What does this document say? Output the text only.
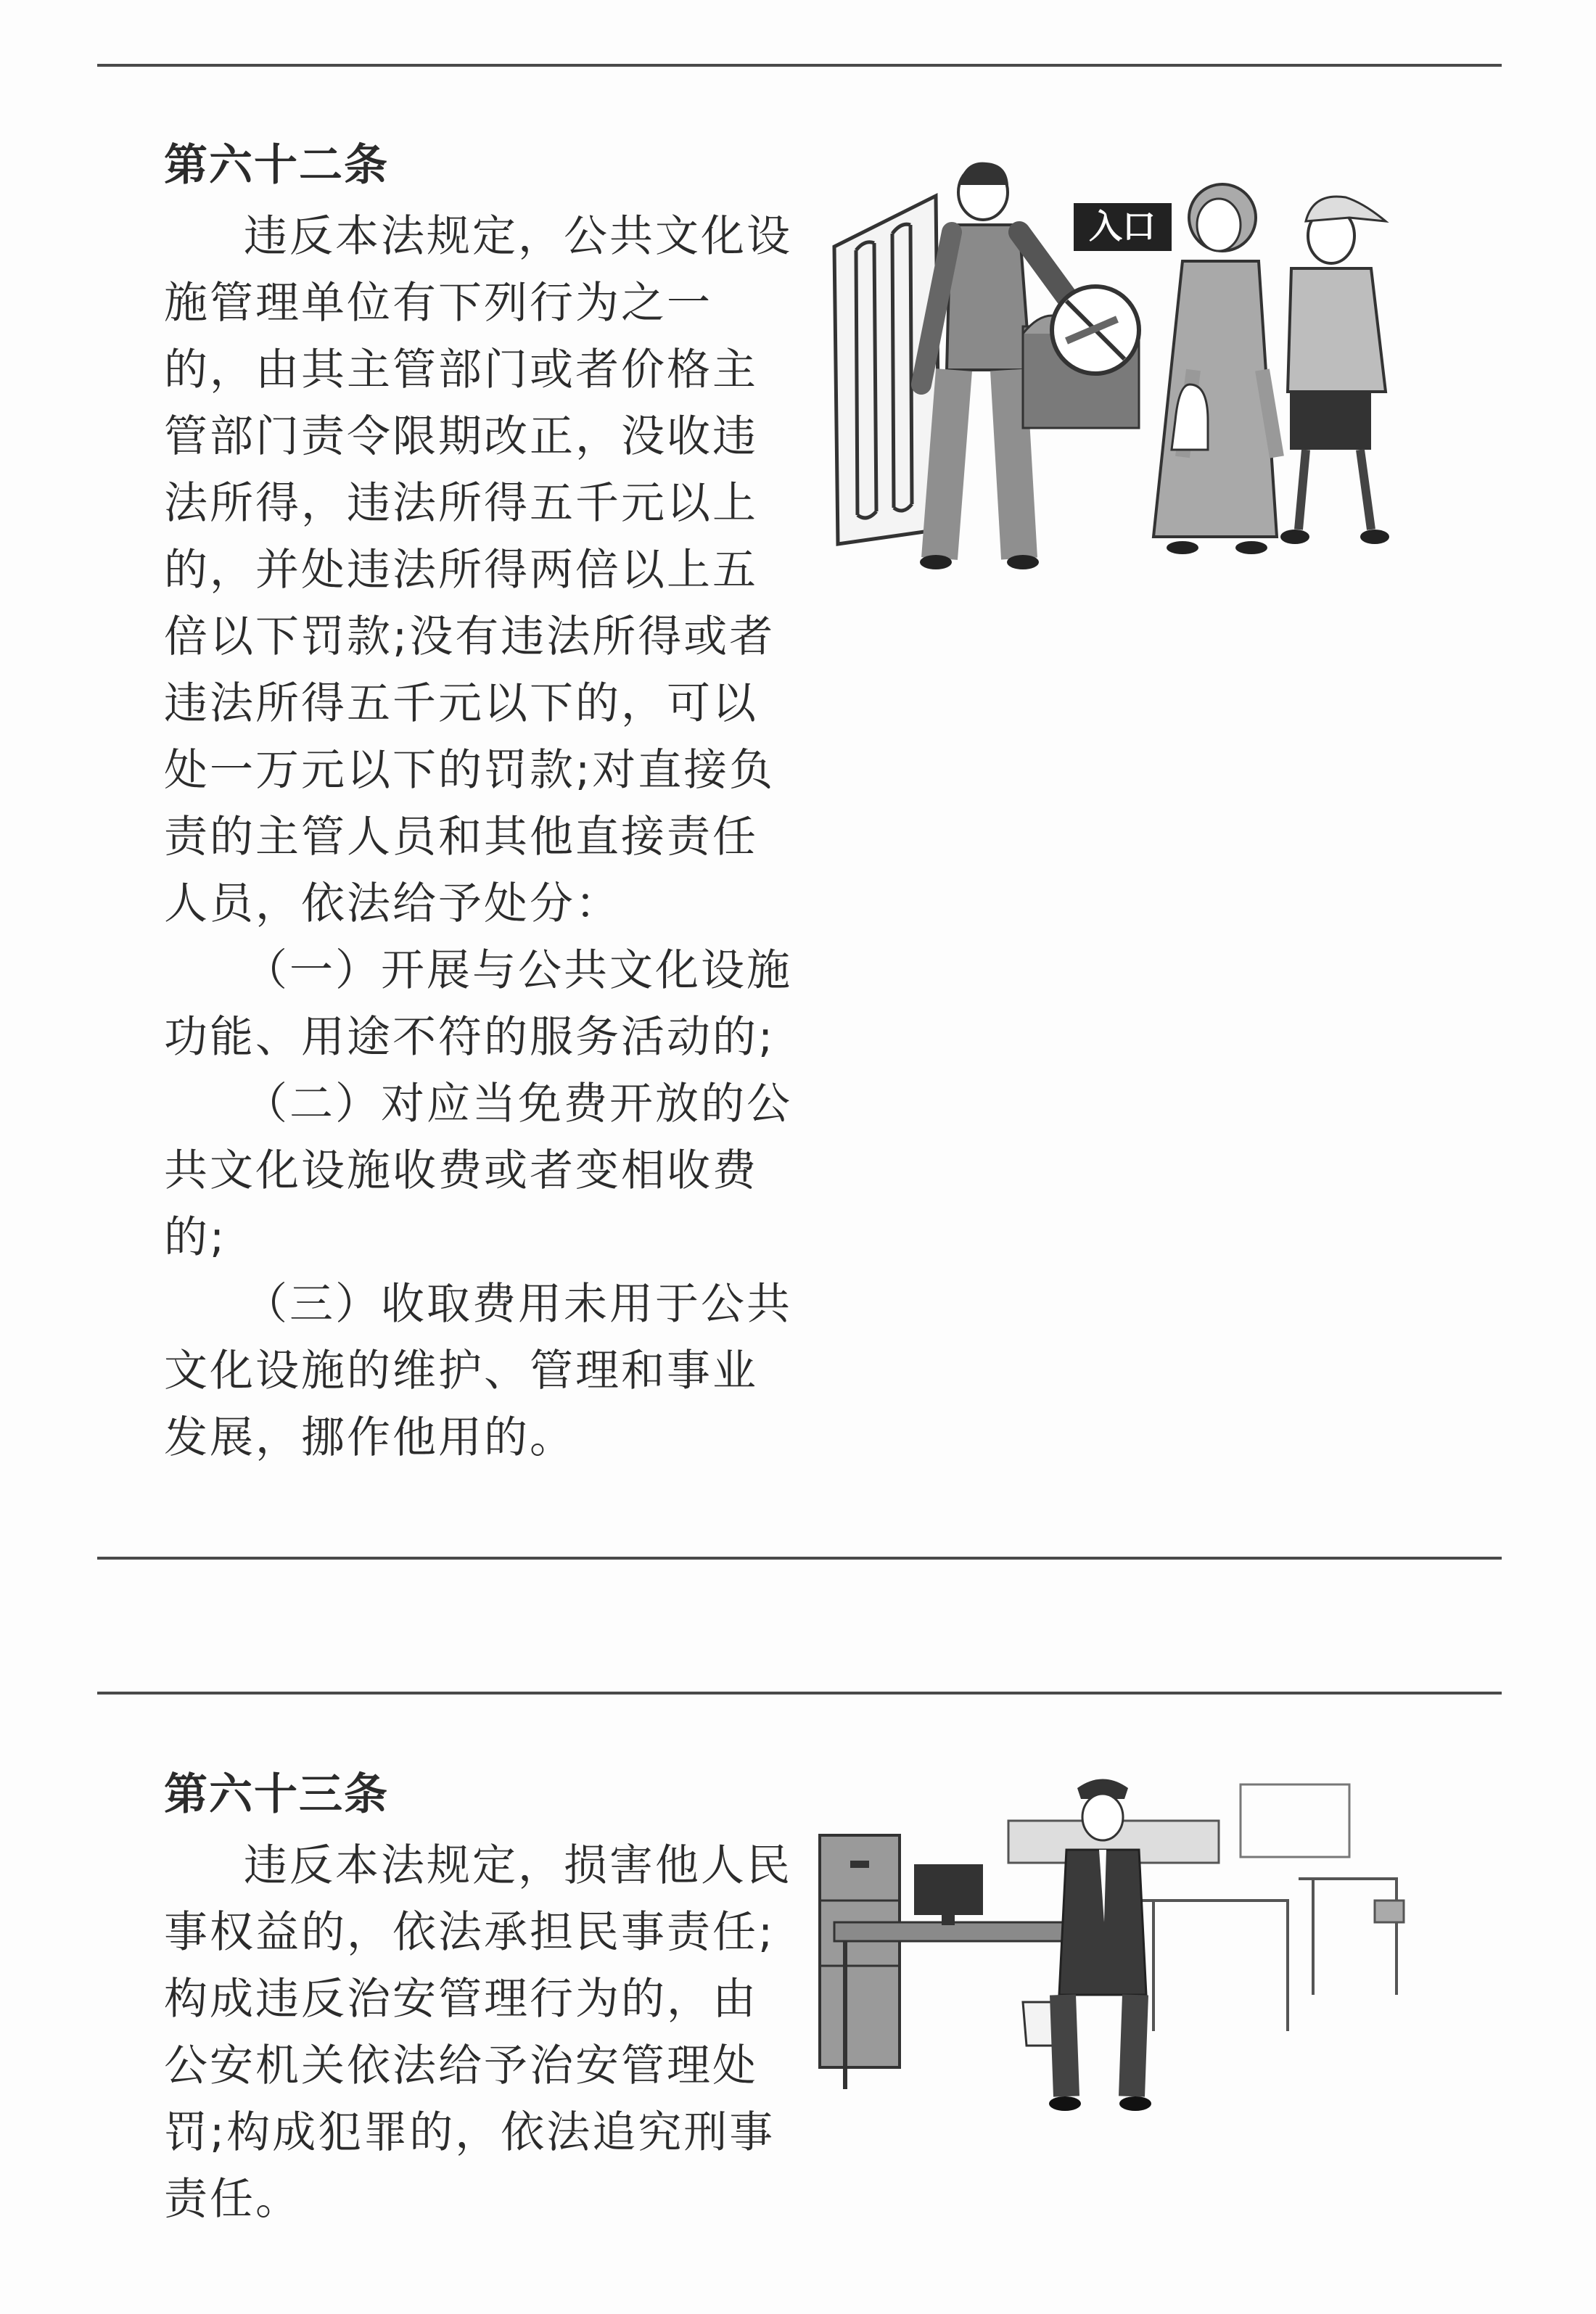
第六十二条

违反本法规定，公共文化设施管理单位有下列行为之一的，由其主管部门或者价格主管部门责令限期改正，没收违法所得，违法所得五千元以上的，并处违法所得两倍以上五倍以下罚款;没有违法所得或者违法所得五千元以下的，可以处一万元以下的罚款;对直接负责的主管人员和其他直接责任人员，依法给予处分：

（一）开展与公共文化设施功能、用途不符的服务活动的;

（二）对应当免费开放的公共文化设施收费或者变相收费的;

（三）收取费用未用于公共文化设施的维护、管理和事业发展，挪作他用的。

入口
第六十三条

违反本法规定，损害他人民事权益的，依法承担民事责任;构成违反治安管理行为的，由公安机关依法给予治安管理处罚;构成犯罪的，依法追究刑事责任。
